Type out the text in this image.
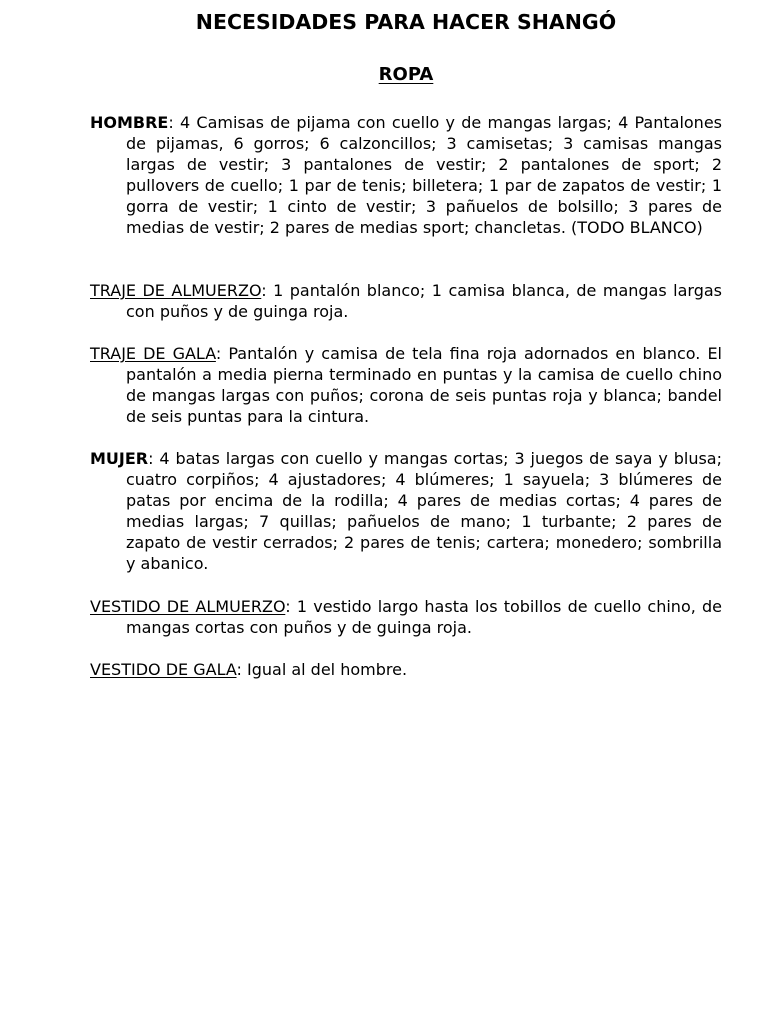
NECESIDADES PARA HACER SHANGÓ
ROPA

HOMBRE: 4 Camisas de pijama con cuello y de mangas largas; 4 Pantalones de pijamas, 6 gorros; 6 calzoncillos; 3 camisetas; 3 camisas mangas largas de vestir; 3 pantalones de vestir; 2 pantalones de sport; 2 pullovers de cuello; 1 par de tenis; billetera; 1 par de zapatos de vestir; 1 gorra de vestir; 1 cinto de vestir; 3 pañuelos de bolsillo; 3 pares de medias de vestir; 2 pares de medias sport; chancletas. (TODO BLANCO)

TRAJE DE ALMUERZO: 1 pantalón blanco; 1 camisa blanca, de mangas largas con puños y de guinga roja.

TRAJE DE GALA: Pantalón y camisa de tela fina roja adornados en blanco. El pantalón a media pierna terminado en puntas y la camisa de cuello chino de mangas largas con puños; corona de seis puntas roja y blanca; bandel de seis puntas para la cintura.

MUJER: 4 batas largas con cuello y mangas cortas; 3 juegos de saya y blusa; cuatro corpiños; 4 ajustadores; 4 blúmeres; 1 sayuela; 3 blúmeres de patas por encima de la rodilla; 4 pares de medias cortas; 4 pares de medias largas; 7 quillas; pañuelos de mano; 1 turbante; 2 pares de zapato de vestir cerrados; 2 pares de tenis; cartera; monedero; sombrilla y abanico.

VESTIDO DE ALMUERZO: 1 vestido largo hasta los tobillos de cuello chino, de mangas cortas con puños y de guinga roja.

VESTIDO DE GALA: Igual al del hombre.
